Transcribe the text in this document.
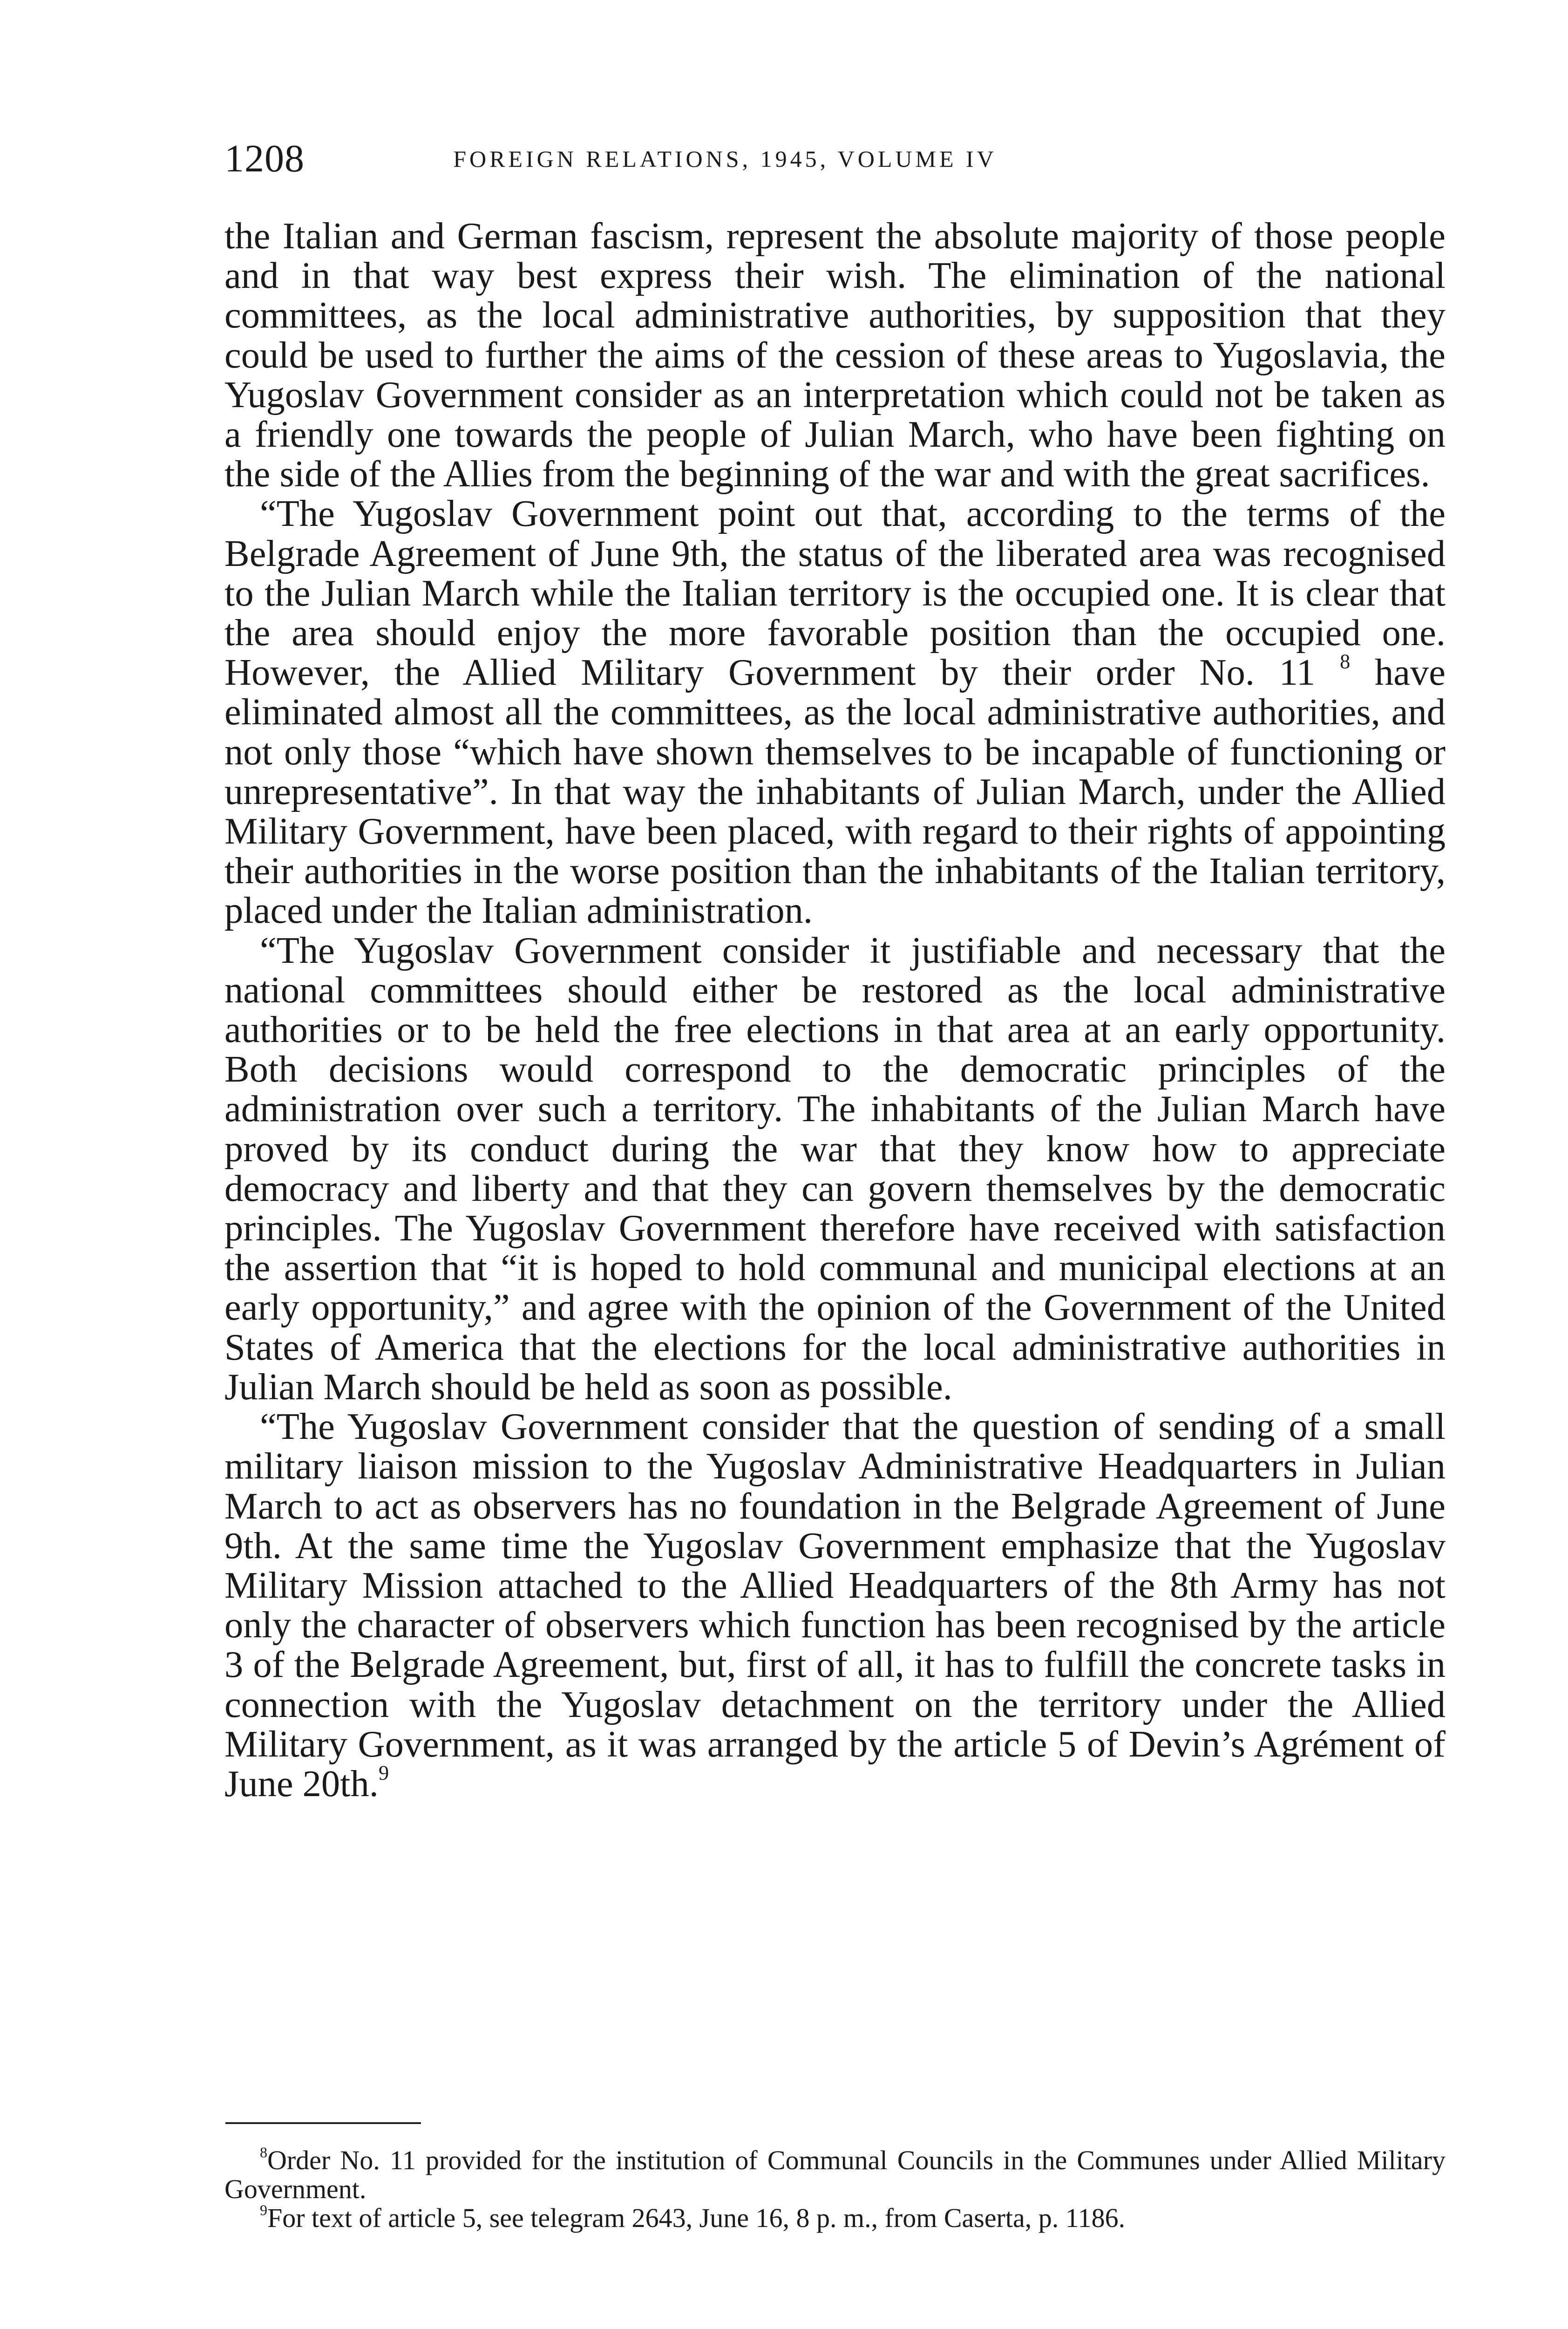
1208	FOREIGN RELATIONS, 1945, VOLUME IV

the Italian and German fascism, represent the absolute majority of those people and in that way best express their wish. The elimination of the national committees, as the local administrative authorities, by supposition that they could be used to further the aims of the cession of these areas to Yugoslavia, the Yugoslav Government consider as an interpretation which could not be taken as a friendly one towards the people of Julian March, who have been fighting on the side of the Allies from the beginning of the war and with the great sacrifices.

“The Yugoslav Government point out that, according to the terms of the Belgrade Agreement of June 9th, the status of the liberated area was recognised to the Julian March while the Italian territory is the occupied one. It is clear that the area should enjoy the more favorable position than the occupied one. However, the Allied Military Government by their order No. 11 $^8$ have eliminated almost all the committees, as the local administrative authorities, and not only those “which have shown themselves to be incapable of functioning or unrepresentative”. In that way the inhabitants of Julian March, under the Allied Military Government, have been placed, with regard to their rights of appointing their authorities in the worse position than the inhabitants of the Italian territory, placed under the Italian administration.

“The Yugoslav Government consider it justifiable and necessary that the national committees should either be restored as the local administrative authorities or to be held the free elections in that area at an early opportunity. Both decisions would correspond to the democratic principles of the administration over such a territory. The inhabitants of the Julian March have proved by its conduct during the war that they know how to appreciate democracy and liberty and that they can govern themselves by the democratic principles. The Yugoslav Government therefore have received with satisfaction the assertion that “it is hoped to hold communal and municipal elections at an early opportunity,” and agree with the opinion of the Government of the United States of America that the elections for the local administrative authorities in Julian March should be held as soon as possible.

“The Yugoslav Government consider that the question of sending of a small military liaison mission to the Yugoslav Administrative Headquarters in Julian March to act as observers has no foundation in the Belgrade Agreement of June 9th. At the same time the Yugoslav Government emphasize that the Yugoslav Military Mission attached to the Allied Headquarters of the 8th Army has not only the character of observers which function has been recognised by the article 3 of the Belgrade Agreement, but, first of all, it has to fulfill the concrete tasks in connection with the Yugoslav detachment on the territory under the Allied Military Government, as it was arranged by the article 5 of Devin’s Agrément of June 20th.$^9$

$^8$Order No. 11 provided for the institution of Communal Councils in the Communes under Allied Military Government.

$^9$For text of article 5, see telegram 2643, June 16, 8 p. m., from Caserta, p. 1186.
